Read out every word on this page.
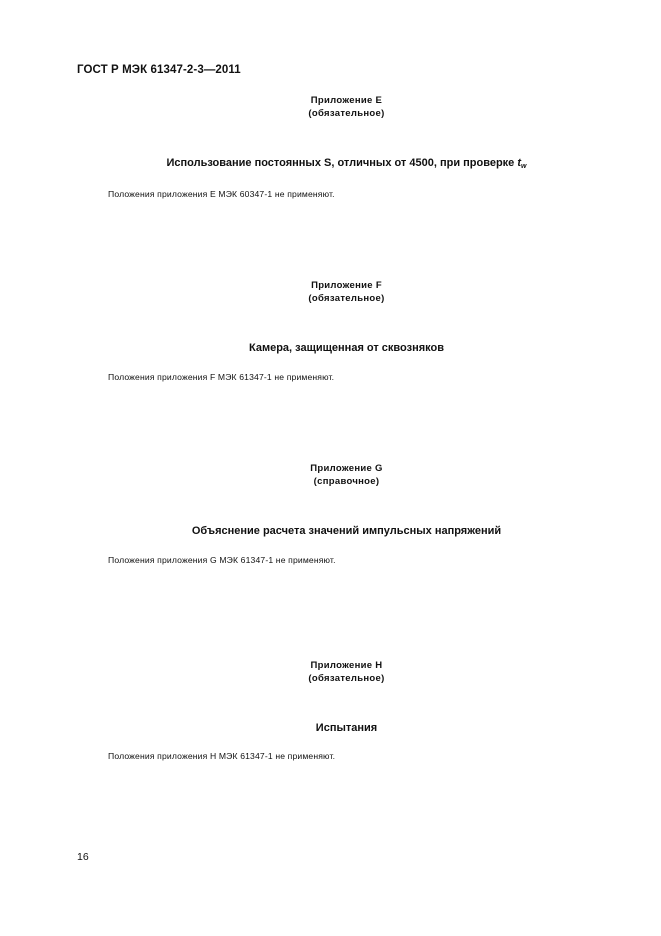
ГОСТ Р МЭК 61347-2-3—2011
Приложение E
(обязательное)
Использование постоянных S, отличных от 4500, при проверке tw
Положения приложения E МЭК 60347-1 не применяют.
Приложение F
(обязательное)
Камера, защищенная от сквозняков
Положения приложения F МЭК 61347-1 не применяют.
Приложение G
(справочное)
Объяснение расчета значений импульсных напряжений
Положения приложения G МЭК 61347-1 не применяют.
Приложение H
(обязательное)
Испытания
Положения приложения H МЭК 61347-1 не применяют.
16
